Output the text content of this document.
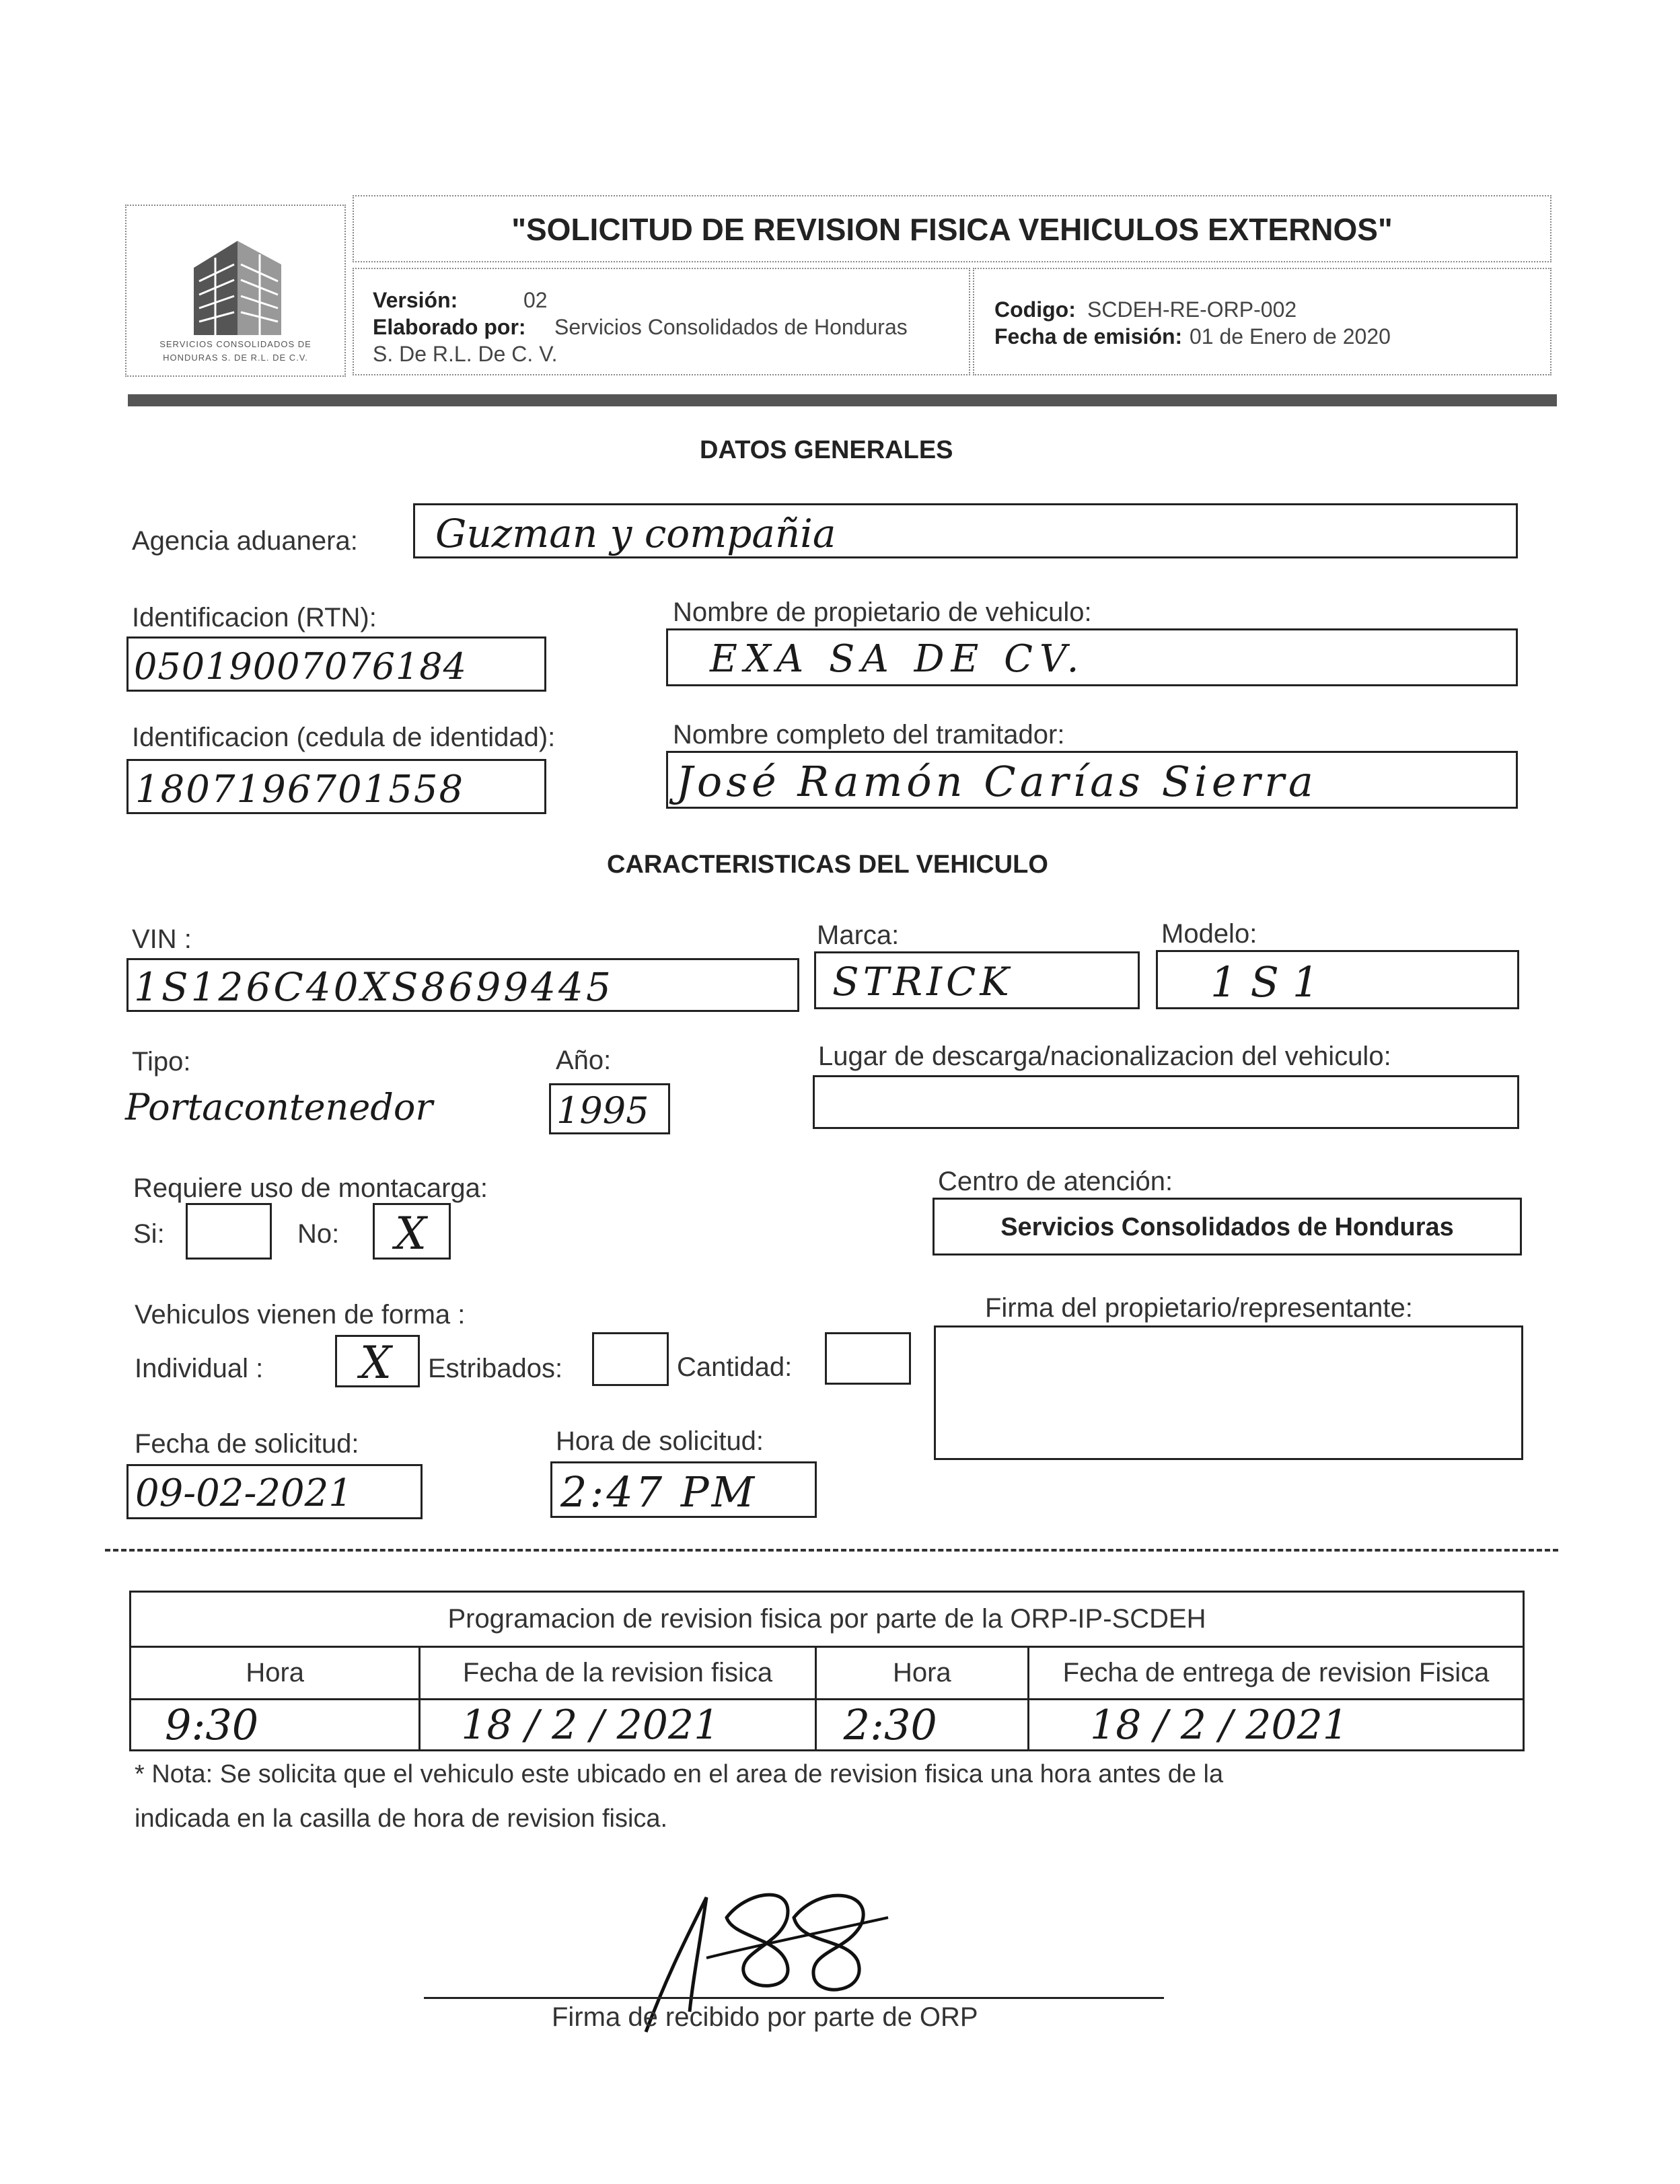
SERVICIOS CONSOLIDADOS DE
HONDURAS S. DE R.L. DE C.V.
"SOLICITUD DE REVISION FISICA VEHICULOS EXTERNOS"
Versión:	02
Elaborado por: Servicios Consolidados de Honduras
S. De R.L. De C. V.
Codigo: SCDEH-RE-ORP-002
Fecha de emisión: 01 de Enero de 2020
DATOS GENERALES
Agencia aduanera: Guzman y compañia
Identificacion (RTN):
05019007076184
Nombre de propietario de vehiculo:
EXA SA DE CV.
Identificacion (cedula de identidad):
1807196701558
Nombre completo del tramitador:
José Ramón Carías Sierra
CARACTERISTICAS DEL VEHICULO
VIN :
1S126C40XS8699445
Marca:
STRICK
Modelo:
1S1
Tipo:
Portacontenedor
Año:
1995
Lugar de descarga/nacionalizacion del vehiculo:
Requiere uso de montacarga:
Si:	No: X
Centro de atención:
Servicios Consolidados de Honduras
Vehiculos vienen de forma :
Individual : X Estribados:	Cantidad:
Firma del propietario/representante:
Fecha de solicitud:
09-02-2021
Hora de solicitud:
2:47 PM
Programacion de revision fisica por parte de la ORP-IP-SCDEH			
Hora	Fecha de la revision fisica	Hora	Fecha de entrega de revision Fisica
9:30	18 / 2 / 2021	2:30	18 / 2 / 2021
* Nota: Se solicita que el vehiculo este ubicado en el area de revision fisica una hora antes de la
indicada en la casilla de hora de revision fisica.
Firma de recibido por parte de ORP
